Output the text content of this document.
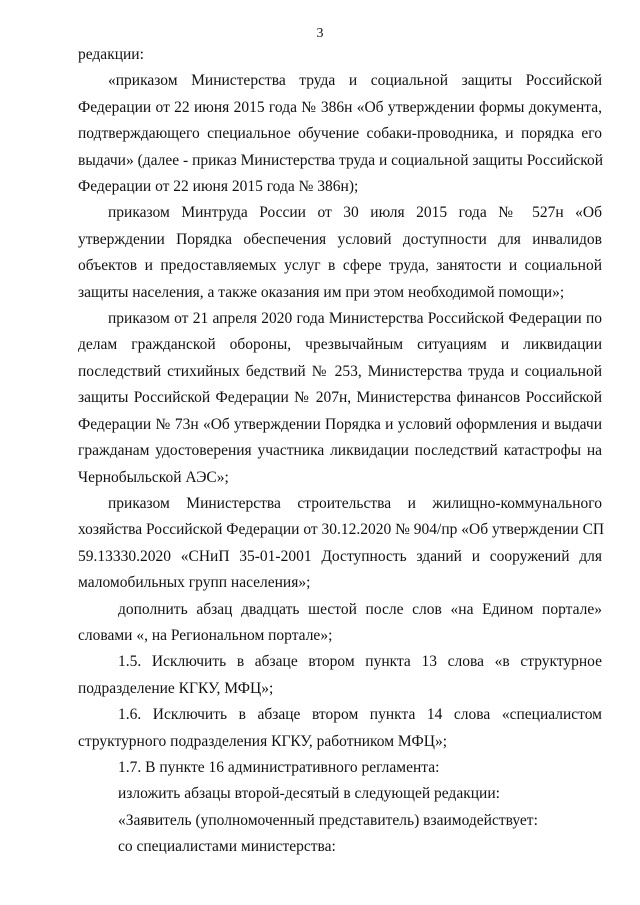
3

редакции:

«приказом Министерства труда и социальной защиты Российской
Федерации от 22 июня 2015 года № 386н «Об утверждении формы документа,
подтверждающего специальное обучение собаки-проводника, и порядка его
выдачи» (далее - приказ Министерства труда и социальной защиты Российской
Федерации от 22 июня 2015 года № 386н);

приказом Минтруда России от 30 июля 2015 года № 527н «Об
утверждении Порядка обеспечения условий доступности для инвалидов
объектов и предоставляемых услуг в сфере труда, занятости и социальной
защиты населения, а также оказания им при этом необходимой помощи»;

приказом от 21 апреля 2020 года Министерства Российской Федерации по
делам гражданской обороны, чрезвычайным ситуациям и ликвидации
последствий стихийных бедствий № 253, Министерства труда и социальной
защиты Российской Федерации № 207н, Министерства финансов Российской
Федерации № 73н «Об утверждении Порядка и условий оформления и выдачи
гражданам удостоверения участника ликвидации последствий катастрофы на
Чернобыльской АЭС»;

приказом Министерства строительства и жилищно-коммунального
хозяйства Российской Федерации от 30.12.2020 № 904/пр «Об утверждении СП
59.13330.2020 «СНиП 35-01-2001 Доступность зданий и сооружений для
маломобильных групп населения»;

дополнить абзац двадцать шестой после слов «на Едином портале»
словами «, на Региональном портале»;

1.5. Исключить в абзаце втором пункта 13 слова «в структурное
подразделение КГКУ, МФЦ»;

1.6. Исключить в абзаце втором пункта 14 слова «специалистом
структурного подразделения КГКУ, работником МФЦ»;

1.7. В пункте 16 административного регламента:

изложить абзацы второй-десятый в следующей редакции:

«Заявитель (уполномоченный представитель) взаимодействует:

со специалистами министерства:
